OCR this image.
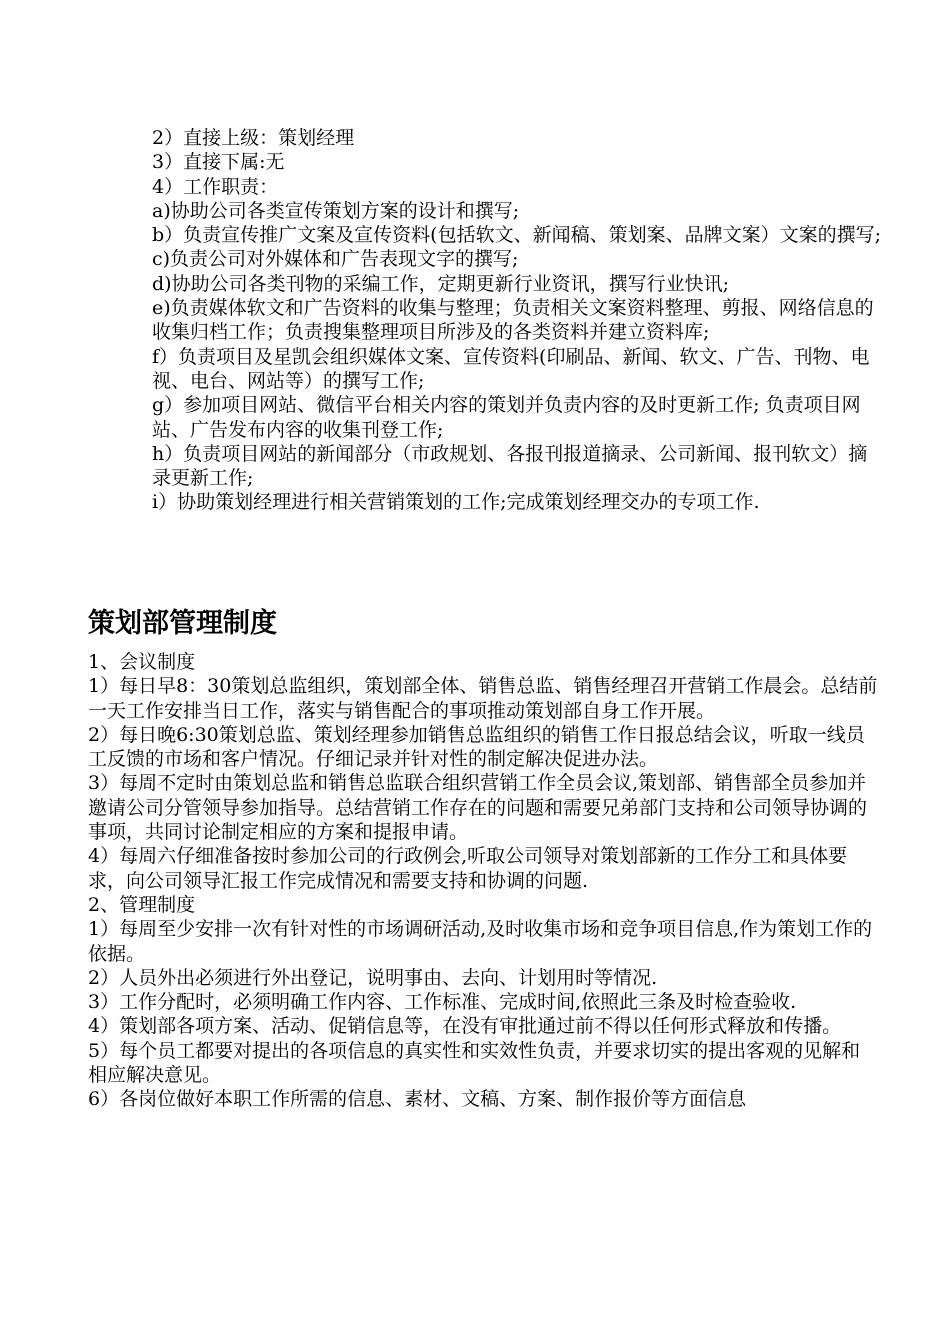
2）直接上级：策划经理

3）直接下属:无

4）工作职责：

a)协助公司各类宣传策划方案的设计和撰写;

b）负责宣传推广文案及宣传资料(包括软文、新闻稿、策划案、品牌文案）文案的撰写;

c)负责公司对外媒体和广告表现文字的撰写;

d)协助公司各类刊物的采编工作，定期更新行业资讯，撰写行业快讯;

e)负责媒体软文和广告资料的收集与整理；负责相关文案资料整理、剪报、网络信息的收集归档工作；负责搜集整理项目所涉及的各类资料并建立资料库;

f）负责项目及星凯会组织媒体文案、宣传资料(印刷品、新闻、软文、广告、刊物、电视、电台、网站等）的撰写工作;

g）参加项目网站、微信平台相关内容的策划并负责内容的及时更新工作; 负责项目网站、广告发布内容的收集刊登工作;

h）负责项目网站的新闻部分（市政规划、各报刊报道摘录、公司新闻、报刊软文）摘录更新工作;

i）协助策划经理进行相关营销策划的工作;完成策划经理交办的专项工作.

策划部管理制度

1、会议制度

1）每日早8：30策划总监组织，策划部全体、销售总监、销售经理召开营销工作晨会。总结前一天工作安排当日工作，落实与销售配合的事项推动策划部自身工作开展。

2）每日晚6:30策划总监、策划经理参加销售总监组织的销售工作日报总结会议，听取一线员工反馈的市场和客户情况。仔细记录并针对性的制定解决促进办法。

3）每周不定时由策划总监和销售总监联合组织营销工作全员会议,策划部、销售部全员参加并邀请公司分管领导参加指导。总结营销工作存在的问题和需要兄弟部门支持和公司领导协调的事项，共同讨论制定相应的方案和提报申请。

4）每周六仔细准备按时参加公司的行政例会,听取公司领导对策划部新的工作分工和具体要求，向公司领导汇报工作完成情况和需要支持和协调的问题.

2、管理制度

1）每周至少安排一次有针对性的市场调研活动,及时收集市场和竞争项目信息,作为策划工作的依据。

2）人员外出必须进行外出登记，说明事由、去向、计划用时等情况.

3）工作分配时，必须明确工作内容、工作标准、完成时间,依照此三条及时检查验收.

4）策划部各项方案、活动、促销信息等，在没有审批通过前不得以任何形式释放和传播。

5）每个员工都要对提出的各项信息的真实性和实效性负责，并要求切实的提出客观的见解和相应解决意见。

6）各岗位做好本职工作所需的信息、素材、文稿、方案、制作报价等方面信息
